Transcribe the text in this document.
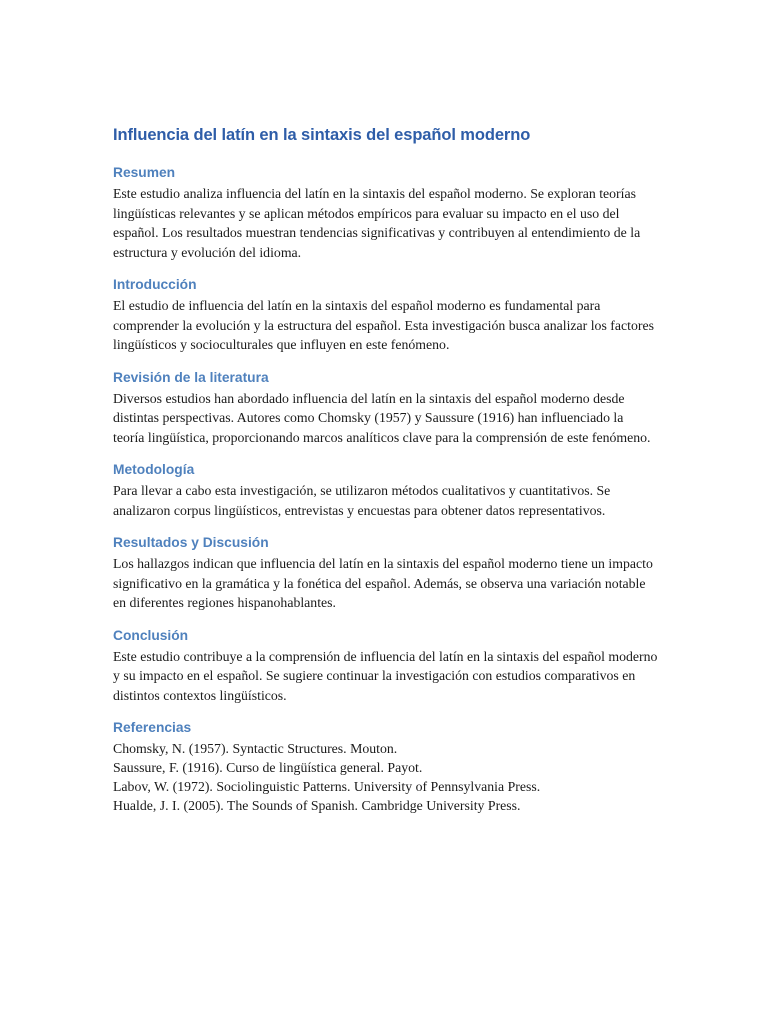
Influencia del latín en la sintaxis del español moderno
Resumen

Este estudio analiza influencia del latín en la sintaxis del español moderno. Se exploran teorías lingüísticas relevantes y se aplican métodos empíricos para evaluar su impacto en el uso del español. Los resultados muestran tendencias significativas y contribuyen al entendimiento de la estructura y evolución del idioma.

Introducción

El estudio de influencia del latín en la sintaxis del español moderno es fundamental para comprender la evolución y la estructura del español. Esta investigación busca analizar los factores lingüísticos y socioculturales que influyen en este fenómeno.

Revisión de la literatura

Diversos estudios han abordado influencia del latín en la sintaxis del español moderno desde distintas perspectivas. Autores como Chomsky (1957) y Saussure (1916) han influenciado la teoría lingüística, proporcionando marcos analíticos clave para la comprensión de este fenómeno.

Metodología

Para llevar a cabo esta investigación, se utilizaron métodos cualitativos y cuantitativos. Se analizaron corpus lingüísticos, entrevistas y encuestas para obtener datos representativos.

Resultados y Discusión

Los hallazgos indican que influencia del latín en la sintaxis del español moderno tiene un impacto significativo en la gramática y la fonética del español. Además, se observa una variación notable en diferentes regiones hispanohablantes.

Conclusión

Este estudio contribuye a la comprensión de influencia del latín en la sintaxis del español moderno y su impacto en el español. Se sugiere continuar la investigación con estudios comparativos en distintos contextos lingüísticos.

Referencias

Chomsky, N. (1957). Syntactic Structures. Mouton.

Saussure, F. (1916). Curso de lingüística general. Payot.

Labov, W. (1972). Sociolinguistic Patterns. University of Pennsylvania Press.

Hualde, J. I. (2005). The Sounds of Spanish. Cambridge University Press.
